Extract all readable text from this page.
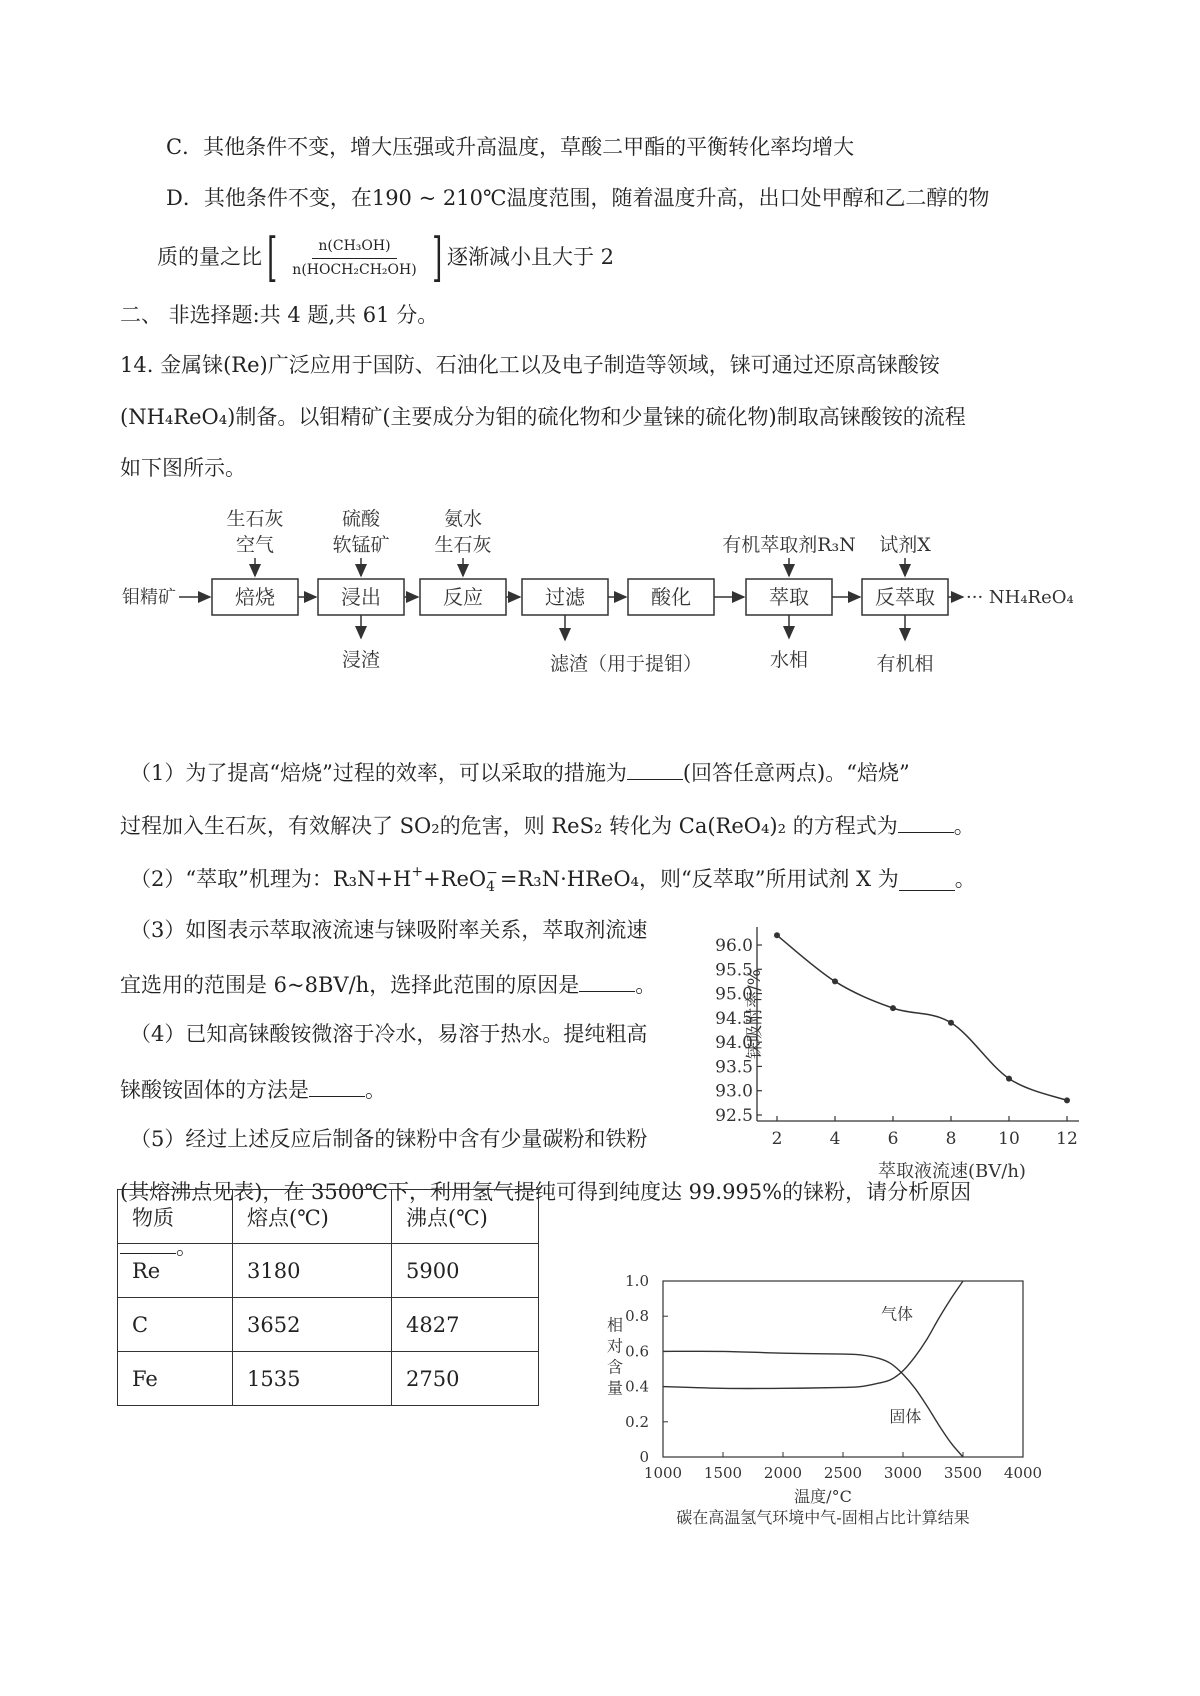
C．其他条件不变，增大压强或升高温度，草酸二甲酯的平衡转化率均增大
D．其他条件不变，在190 ~ 210℃温度范围，随着温度升高，出口处甲醇和乙二醇的物
质的量之比 [ $\frac{\text{n(CH₃OH)}}{\text{n(HOCH₂CH₂OH)}}$ ] 逐渐减小且大于 2
二、 非选择题:共 4 题,共 61 分。
14. 金属铼(Re)广泛应用于国防、石油化工以及电子制造等领域，铼可通过还原高铼酸铵
(NH₄ReO₄)制备。以钼精矿(主要成分为钼的硫化物和少量铼的硫化物)制取高铼酸铵的流程
如下图所示。
钼精矿	焙烧	浸出	反应	过滤	酸化	萃取	反萃取 ··· NH₄ReO₄
生石灰
空气
硫酸
软锰矿
氨水
生石灰	有机萃取剂R₃N 试剂X
浸渣	滤渣（用于提钼）	水相	有机相
（1）为了提高“焙烧”过程的效率，可以采取的措施为	(回答任意两点)。“焙烧”
过程加入生石灰，有效解决了 SO₂的危害，则 ReS₂ 转化为 Ca(ReO₄)₂ 的方程式为	。
（2）“萃取”机理为： R₃N+H + +ReO −
4 =R₃N·HReO₄，则“反萃取”所用试剂 X 为	。
（3）如图表示萃取液流速与铼吸附率关系，萃取剂流速
宜选用的范围是 6~8BV/h，选择此范围的原因是	。
（4）已知高铼酸铵微溶于冷水，易溶于热水。提纯粗高
铼酸铵固体的方法是	。
（5）经过上述反应后制备的铼粉中含有少量碳粉和铁粉
(其熔沸点见表)，在 3500℃下，利用氢气提纯可得到纯度达 99.995%的铼粉，请分析原因
。
92.5
93.0
93.5
94.0
94.5
95.0
95.5
96.0
2	4	6	8 10 12
铼吸附率/%
萃取液流速(BV/h)
物质	熔点(℃)	沸点(℃)
Re	3180	5900
C	3652	4827
Fe	1535	2750
0
0.2
0.4
0.6
0.8
1.0
1000 1500 2000 2500 3000 3500 4000
气体
固体
相对含量
温度/°C
碳在高温氢气环境中气-固相占比计算结果
